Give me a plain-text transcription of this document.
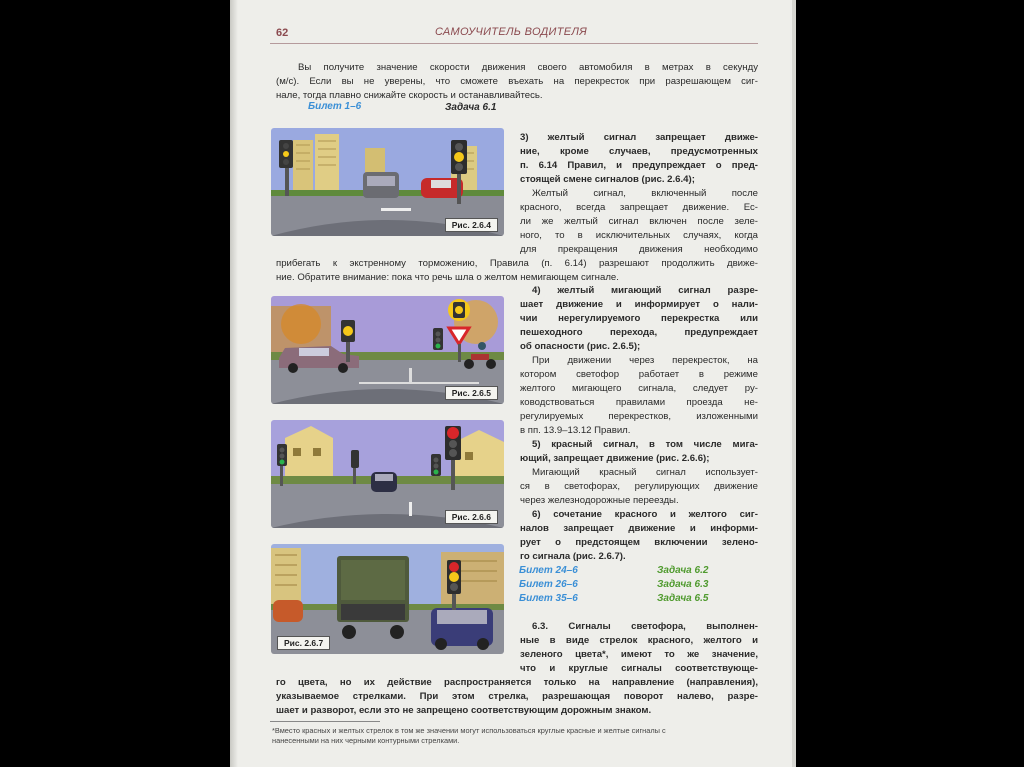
62	САМОУЧИТЕЛЬ ВОДИТЕЛЯ
Вы получите значение скорости движения своего автомобиля в метрах в секунду
(м/с). Если вы не уверены, что сможете въехать на перекресток при разрешающем сиг-
нале, тогда плавно снижайте скорость и останавливайтесь.
Билет 1–6	Задача 6.1
Рис. 2.6.4
3) желтый сигнал запрещает движе-
ние, кроме случаев, предусмотренных
п. 6.14 Правил, и предупреждает о пред-
стоящей смене сигналов (рис. 2.6.4);
Желтый сигнал, включенный после
красного, всегда запрещает движение. Ес-
ли же желтый сигнал включен после зеле-
ного, то в исключительных случаях, когда
для прекращения движения необходимо
прибегать к экстренному торможению, Правила (п. 6.14) разрешают продолжить движе-
ние. Обратите внимание: пока что речь шла о желтом немигающем сигнале.
Рис. 2.6.5
4) желтый мигающий сигнал разре-
шает движение и информирует о нали-
чии нерегулируемого перекрестка или
пешеходного перехода, предупреждает
об опасности (рис. 2.6.5);
При движении через перекресток, на
котором светофор работает в режиме
желтого мигающего сигнала, следует ру-
ководствоваться правилами проезда не-
регулируемых перекрестков, изложенными
в пп. 13.9–13.12 Правил.
Рис. 2.6.6
5) красный сигнал, в том числе мига-
ющий, запрещает движение (рис. 2.6.6);
Мигающий красный сигнал использует-
ся в светофорах, регулирующих движение
через железнодорожные переезды.
6) сочетание красного и желтого сиг-
налов запрещает движение и информи-
рует о предстоящем включении зелено-
го сигнала (рис. 2.6.7).
Билет 24–6	Задача 6.2
Билет 26–6	Задача 6.3
Билет 35–6	Задача 6.5
Рис. 2.6.7
6.3. Сигналы светофора, выполнен-
ные в виде стрелок красного, желтого и
зеленого цвета*, имеют то же значение,
что и круглые сигналы соответствующе-
го цвета, но их действие распространяется только на направление (направления),
указываемое стрелками. При этом стрелка, разрешающая поворот налево, разре-
шает и разворот, если это не запрещено соответствующим дорожным знаком.
*Вместо красных и желтых стрелок в том же значении могут использоваться круглые красные и желтые сигналы с
нанесенными на них черными контурными стрелками.
